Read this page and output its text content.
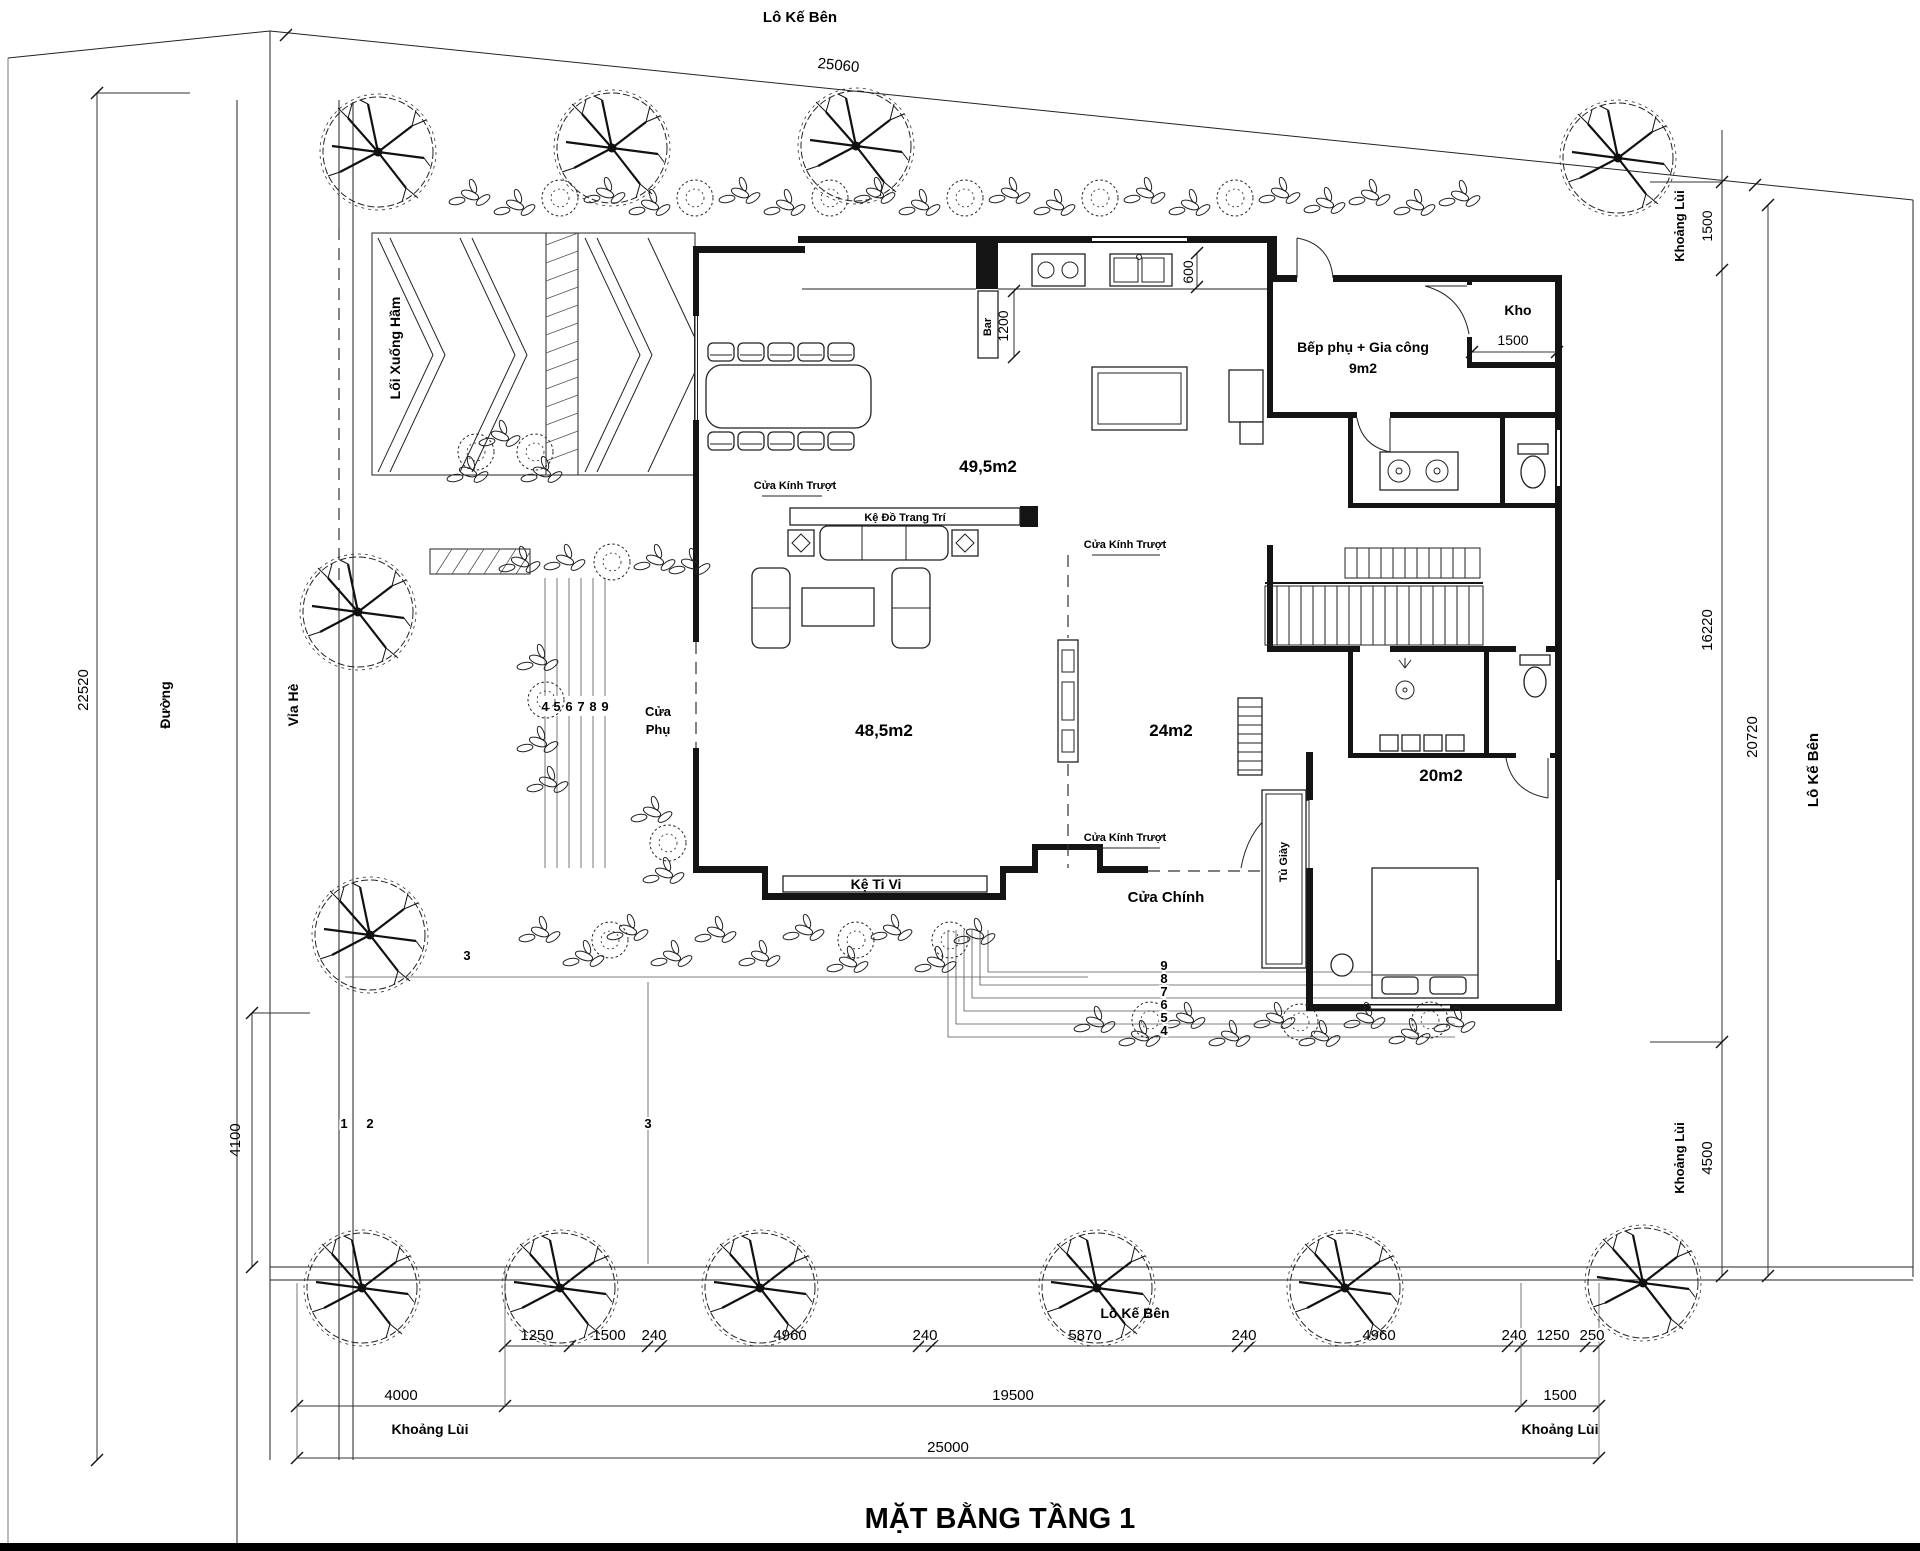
Lô Kế Bên
25060
22520	Đường	Vỉa Hè
Lối Xuống Hầm
4100
Khoảng Lùi 1500
16220
20720	Lô Kế Bên
Khoảng Lùi 4500
49,5m2
48,5m2	24m2
20m2
Bếp phụ + Gia công
9m2
Kho
1500
Cửa Kính Trượt
Cửa Kính Trượt
Cửa Kính Trượt
Kệ Đồ Trang Trí
Cửa
Phụ
Kệ Ti Vi
Cửa Chính
Tủ Giày
Bar
600
1200
4 5 6 7 8 9
9
8
7
6
5
4
3
1 2	3
Lô Kế Bên
1250	1500 240	4960	240	5870	240	4960	240 1250 250
4000	19500	1500
Khoảng Lùi	Khoảng Lùi
25000
MẶT BẰNG TẦNG 1
